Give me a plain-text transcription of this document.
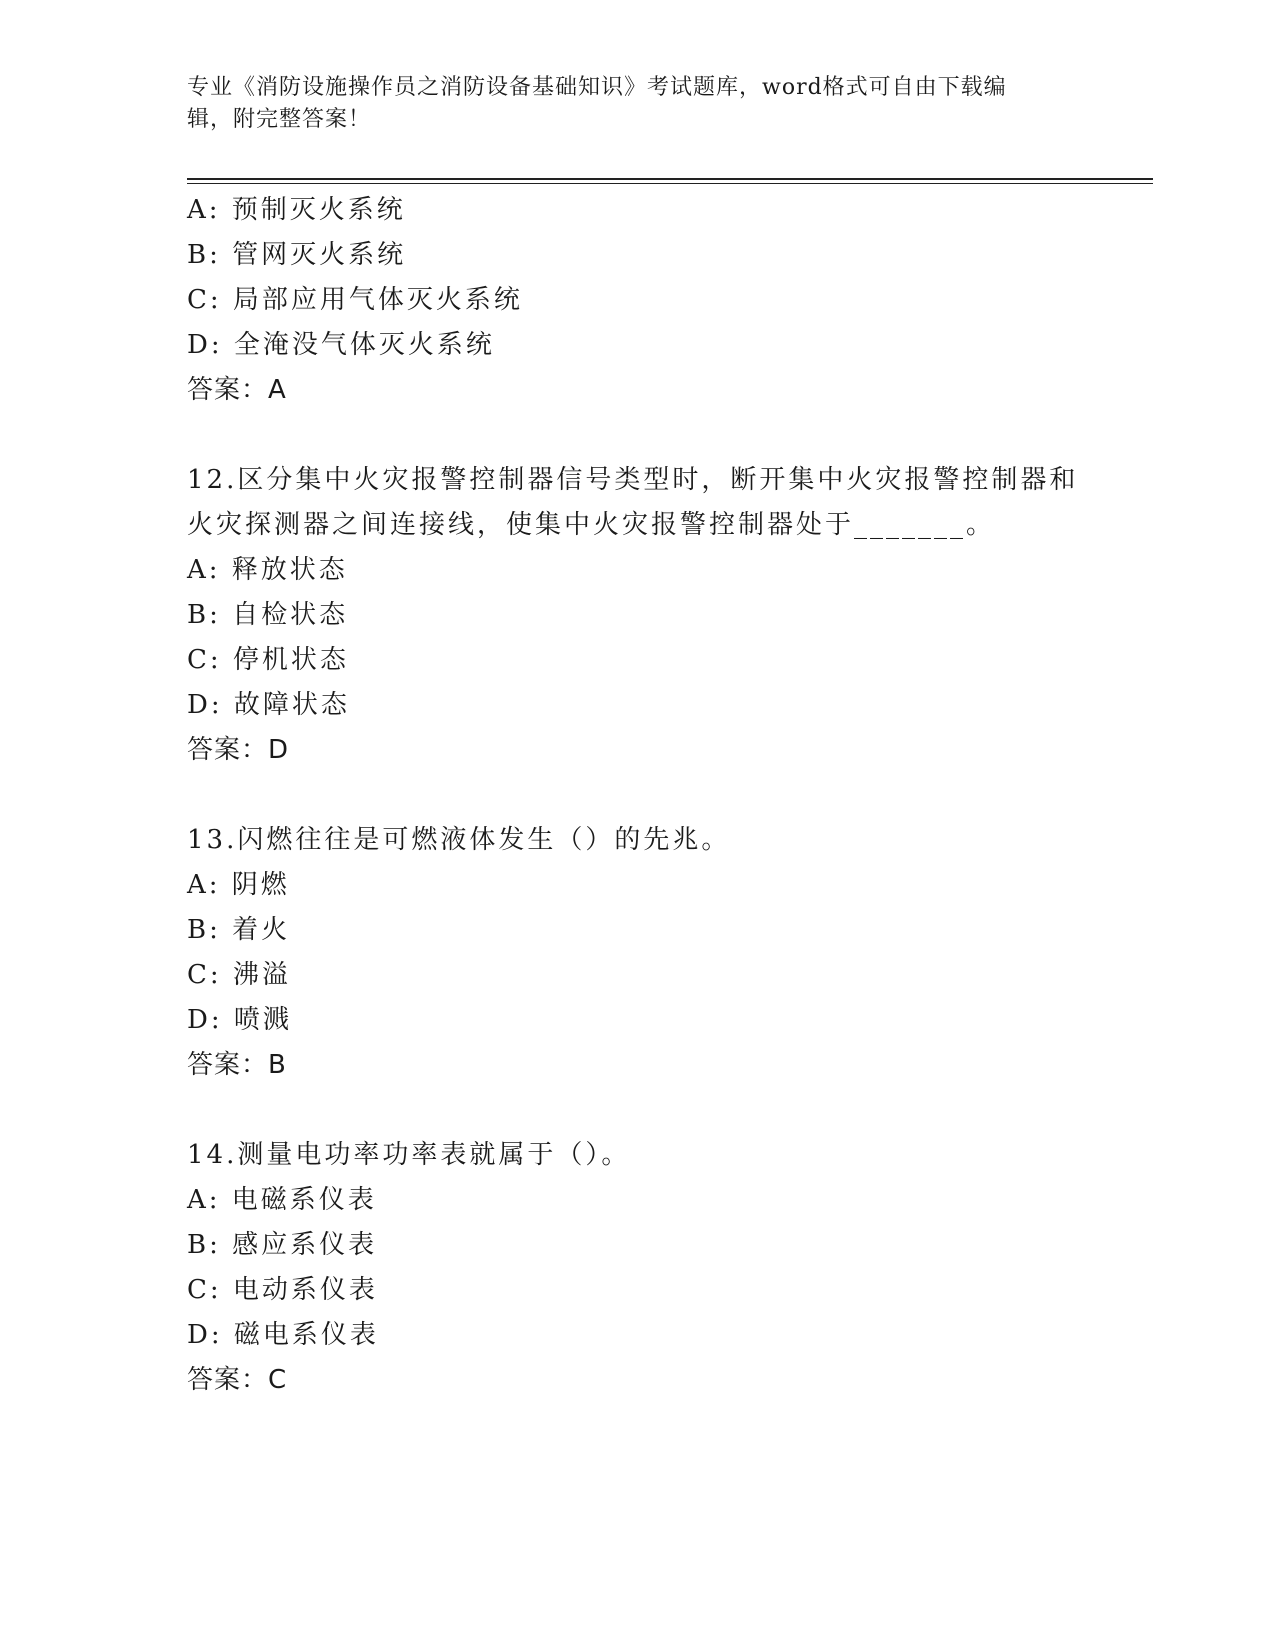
专业《消防设施操作员之消防设备基础知识》考试题库，word格式可自由下载编
辑，附完整答案！
A: 预制灭火系统
B: 管网灭火系统
C: 局部应用气体灭火系统
D: 全淹没气体灭火系统
答案：A
12.区分集中火灾报警控制器信号类型时，断开集中火灾报警控制器和
火灾探测器之间连接线，使集中火灾报警控制器处于_______。
A: 释放状态
B: 自检状态
C: 停机状态
D: 故障状态
答案：D
13.闪燃往往是可燃液体发生（）的先兆。
A: 阴燃
B: 着火
C: 沸溢
D: 喷溅
答案：B
14.测量电功率功率表就属于（）。
A: 电磁系仪表
B: 感应系仪表
C: 电动系仪表
D: 磁电系仪表
答案：C
